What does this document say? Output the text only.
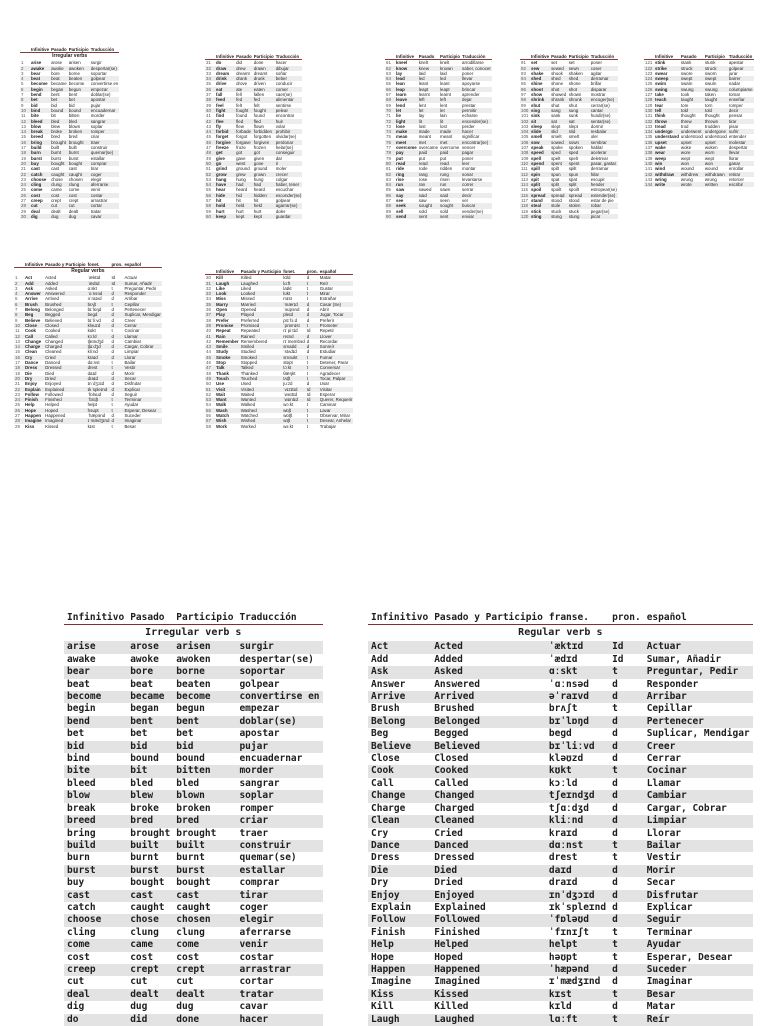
Irregular verbs				
	Infinitive	Pasado	Participio	Traducción
1	arise	arose	arisen	surgir
2	awake	awoke	awoken	despertar(se)
3	bear	bore	borne	soportar
4	beat	beat	beaten	golpear
5	become	became	become	convertirse en
6	begin	began	begun	empezar
7	bend	bent	bent	doblar(se)
8	bet	bet	bet	apostar
9	bid	bid	bid	pujar
10	bind	bound	bound	encuadernar
11	bite	bit	bitten	morder
12	bleed	bled	bled	sangrar
13	blow	blew	blown	soplar
14	break	broke	broken	romper
15	breed	bred	bred	criar
16	bring	brought	brought	traer
17	build	built	built	construir
18	burn	burnt	burnt	quemar(se)
19	burst	burst	burst	estallar
20	buy	bought	bought	comprar
21	cast	cast	cast	tirar
22	catch	caught	caught	coger
23	choose	chose	chosen	elegir
24	cling	clung	clung	aferrarse
25	come	came	come	venir
26	cost	cost	cost	costar
27	creep	crept	crept	arrastrar
28	cut	cut	cut	cortar
29	deal	dealt	dealt	tratar
30	dig	dug	dug	cavar
	Infinitive	Pasado	Participio	Traducción
31	do	did	done	hacer
32	draw	drew	drawn	dibujar
33	dream	dreamt	dreamt	soñar
34	drink	drank	drunk	beber
35	drive	drove	driven	conducir
36	eat	ate	eaten	comer
37	fall	fell	fallen	caer(se)
38	feed	fed	fed	alimentar
39	feel	felt	felt	sentirse
40	fight	fought	fought	pelear
41	find	found	found	encontrar
42	flee	fled	fled	huir
43	fly	flew	flown	volar
44	forbid	forbade	forbidden	prohibir
45	forget	forgot	forgotten	olvidar(se)
46	forgive	forgave	forgiven	perdonar
47	freeze	froze	frozen	helar(se)
48	get	got	got	conseguir
49	give	gave	given	dar
50	go	went	gone	ir
51	grind	ground	ground	moler
52	grow	grew	grown	crecer
53	hang	hung	hung	colgar
54	have	had	had	haber, tener
55	hear	heard	heard	escuchar
56	hide	hid	hidden	esconder(se)
57	hit	hit	hit	golpear
58	hold	held	held	agarrar(se)
59	hurt	hurt	hurt	doler
60	keep	kept	kept	guardar
	Infinitive	Pasado	Participio	Traducción
61	kneel	knelt	knelt	arrodillarse
62	know	knew	known	saber, conocer
63	lay	laid	laid	poner
64	lead	led	led	llevar
65	lean	leant	leant	apoyarse
66	leap	leapt	leapt	brincar
67	learn	learnt	learnt	aprender
68	leave	left	left	dejar
69	lend	lent	lent	prestar
70	let	let	let	permitir
71	lie	lay	lain	echarse
72	light	lit	lit	encender(se)
73	lose	lost	lost	perder
74	make	made	made	hacer
75	mean	meant	meant	significar
76	meet	met	met	encontrar(se)
77	overcome	overcame	overcome	vencer
78	pay	paid	paid	pagar
79	put	put	put	poner
80	read	read	read	leer
81	ride	rode	ridden	montar
82	ring	rang	rung	sonar
83	rise	rose	risen	levantarse
84	run	ran	run	correr
85	saw	sawed	sawn	serrar
86	say	said	said	decir
87	see	saw	seen	ver
88	seek	sought	sought	buscar
89	sell	sold	sold	vender(se)
90	send	sent	sent	enviar
	Infinitive	Pasado	Participio	Traducción
91	set	set	set	poner
92	sew	sewed	sewn	coser
93	shake	shook	shaken	agitar
94	shed	shed	shed	derramar
95	shine	shone	shone	brillar
96	shoot	shot	shot	disparar
97	show	showed	shown	mostrar
98	shrink	shrank	shrunk	encoger(se)
99	shut	shut	shut	cerrar(se)
100	sing	sang	sung	cantar
101	sink	sank	sunk	hundir(se)
102	sit	sat	sat	sentar(se)
103	sleep	slept	slept	dormir
104	slide	slid	slid	resbalar
105	smell	smelt	smelt	oler
106	sow	sowed	sown	sembrar
107	speak	spoke	spoken	hablar
108	speed	sped	sped	acelerar
109	spell	spelt	spelt	deletrear
110	spend	spent	spent	pasar, gastar
111	spill	spilt	spilt	derramar
112	spin	spun	spun	hilar
113	spit	spat	spat	escupir
114	split	split	split	hender
115	spoil	spoilt	spoilt	estropear(se)
116	spread	spread	spread	extender(se)
117	stand	stood	stood	estar de pie
118	steal	stole	stolen	robar
119	stick	stuck	stuck	pegar(se)
120	sting	stung	stung	picar
	Infinitive	Pasado	Participio	Traducción
121	stink	stank	stunk	apestar
122	strike	struck	struck	golpear
123	swear	swore	sworn	jurar
124	sweep	swept	swept	barrer
125	swim	swam	swum	nadar
126	swing	swung	swung	columpiarse
127	take	took	taken	tomar
128	teach	taught	taught	enseñar
129	tear	tore	torn	romper
130	tell	told	told	decir
131	think	thought	thought	pensar
132	throw	threw	thrown	tirar
133	tread	trod	trodden	pisar
134	undergo	underwent	undergone	sufrir
135	understand	understood	understood	entender
136	upset	upset	upset	molestar
137	wake	woke	woken	despertar
138	wear	wore	worn	llevar
139	weep	wept	wept	llorar
140	win	won	won	ganar
141	wind	wound	wound	enrollar
142	withdraw	withdrew	withdrawn	retirar
143	wring	wrung	wrung	retorcer
144	write	wrote	written	escribir
Regular verbs					
	Infinitive	Pasado y Participio	fonet.	pron.	español
1	Act	Acted	ˈæktɪd	Id	Actuar
2	Add	Added	ˈædɪd	Id	Sumar, Añadir
3	Ask	Asked	ɑːskt	t	Preguntar, Pedir
4	Answer	Answered	ˈɑːnsəd	d	Responder
5	Arrive	Arrived	əˈraɪvd	d	Arribar
6	Brush	Brushed	brʌʃt	t	Cepillar
7	Belong	Belonged	bɪˈlɒŋd	d	Pertenecer
8	Beg	Begged	begd	d	Suplicar, Mendigar
9	Believe	Believed	bɪˈliːvd	d	Creer
10	Close	Closed	kləʊzd	d	Cerrar
11	Cook	Cooked	kʊkt	t	Cocinar
12	Call	Called	kɔːld	d	Llamar
13	Change	Changed	tʃeɪndʒd	d	Cambiar
14	Charge	Charged	tʃɑːdʒd	d	Cargar, Cobrar
15	Clean	Cleaned	kliːnd	d	Limpiar
16	Cry	Cried	kraɪd	d	Llorar
17	Dance	Danced	dɑːnst	t	Bailar
18	Dress	Dressed	drest	t	Vestir
19	Die	Died	daɪd	d	Morir
20	Dry	Dried	draɪd	d	Secar
21	Enjoy	Enjoyed	ɪnˈdʒɔɪd	d	Disfrutar
22	Explain	Explained	ɪkˈspleɪnd	d	Explicar
23	Follow	Followed	ˈfɒləʊd	d	Seguir
24	Finish	Finished	ˈfɪnɪʃt	t	Terminar
25	Help	Helped	helpt	t	Ayudar
26	Hope	Hoped	həʊpt	t	Esperar, Desear
27	Happen	Happened	ˈhæpənd	d	Suceder
28	Imagine	Imagined	ɪˈmædʒɪnd	d	Imaginar
29	Kiss	Kissed	kɪst	t	Besar
	Infinitive	Pasado y Participio	fonet.	pron.	español
30	Kill	Killed	kɪld	d	Matar
31	Laugh	Laughed	lɑːft	t	Reír
32	Like	Liked	laɪkt	t	Gustar
33	Look	Looked	lʊkt	t	Mirar
34	Miss	Missed	mɪst	t	Extrañar
35	Marry	Married	ˈmærɪd	d	Casar (Se)
36	Open	Opened	ˈəʊpənd	d	Abrir
37	Play	Played	pleɪd	d	Jugar, Tocar
38	Prefer	Preferred	prɪˈfɜːd	d	Preferir
39	Promise	Promised	ˈprɒmɪst	t	Prometer
40	Repeat	Repeated	rɪˈpiːtɪd	Id	Repetir
41	Rain	Rained	reɪnd	d	Llover
42	Remember	Remembered	rɪˈmembəd	d	Recordar
43	Smile	Smiled	smaɪld	d	Sonreír
44	Study	Studied	ˈstʌdɪd	d	Estudiar
45	Smoke	Smoked	sməʊkt	t	Fumar
46	Stop	Stopped	stɒpt	t	Detener, Parar
47	Talk	Talked	tɔːkt	t	Conversar
48	Thank	Thanked	θæŋkt	t	Agradecer
49	Touch	Touched	tʌtʃt	t	Tocar, Palpar
50	Use	Used	juːzd	d	Usar
51	Visit	Visited	ˈvɪzɪtɪd	Id	Visitar
52	Wait	Waited	ˈweɪtɪd	Id	Esperar
53	Want	Wanted	ˈwɒntɪd	Id	Querer, Requerir
54	Walk	Walked	wɔːkt	t	Caminar
55	Wash	Washed	wɒʃt	t	Lavar
56	Watch	Watched	wɒtʃt	t	Observar, Mirar
57	Wish	Wished	wɪʃt	t	Desear, Anhelar
58	Work	Worked	wɜːkt	t	Trabajar
Irregular verb s			
Infinitivo	Pasado	Participio	Traducción
arise	arose	arisen	surgir
awake	awoke	awoken	despertar(se)
bear	bore	borne	soportar
beat	beat	beaten	golpear
become	became	become	convertirse en
begin	began	begun	empezar
bend	bent	bent	doblar(se)
bet	bet	bet	apostar
bid	bid	bid	pujar
bind	bound	bound	encuadernar
bite	bit	bitten	morder
bleed	bled	bled	sangrar
blow	blew	blown	soplar
break	broke	broken	romper
breed	bred	bred	criar
bring	brought	brought	traer
build	built	built	construir
burn	burnt	burnt	quemar(se)
burst	burst	burst	estallar
buy	bought	bought	comprar
cast	cast	cast	tirar
catch	caught	caught	coger
choose	chose	chosen	elegir
cling	clung	clung	aferrarse
come	came	come	venir
cost	cost	cost	costar
creep	crept	crept	arrastrar
cut	cut	cut	cortar
deal	dealt	dealt	tratar
dig	dug	dug	cavar
do	did	done	hacer
Regular verb s				
Infinitivo	Pasado y Participio	franse.	pron.	español
Act	Acted	ˈæktɪd	Id	Actuar
Add	Added	ˈædɪd	Id	Sumar, Añadir
Ask	Asked	ɑːskt	t	Preguntar, Pedir
Answer	Answered	ˈɑːnsəd	d	Responder
Arrive	Arrived	əˈraɪvd	d	Arribar
Brush	Brushed	brʌʃt	t	Cepillar
Belong	Belonged	bɪˈlɒŋd	d	Pertenecer
Beg	Begged	begd	d	Suplicar, Mendigar
Believe	Believed	bɪˈliːvd	d	Creer
Close	Closed	kləʊzd	d	Cerrar
Cook	Cooked	kʊkt	t	Cocinar
Call	Called	kɔːld	d	Llamar
Change	Changed	tʃeɪndʒd	d	Cambiar
Charge	Charged	tʃɑːdʒd	d	Cargar, Cobrar
Clean	Cleaned	kliːnd	d	Limpiar
Cry	Cried	kraɪd	d	Llorar
Dance	Danced	dɑːnst	t	Bailar
Dress	Dressed	drest	t	Vestir
Die	Died	daɪd	d	Morir
Dry	Dried	draɪd	d	Secar
Enjoy	Enjoyed	ɪnˈdʒɔɪd	d	Disfrutar
Explain	Explained	ɪkˈspleɪnd	d	Explicar
Follow	Followed	ˈfɒləʊd	d	Seguir
Finish	Finished	ˈfɪnɪʃt	t	Terminar
Help	Helped	helpt	t	Ayudar
Hope	Hoped	həʊpt	t	Esperar, Desear
Happen	Happened	ˈhæpənd	d	Suceder
Imagine	Imagined	ɪˈmædʒɪnd	d	Imaginar
Kiss	Kissed	kɪst	t	Besar
Kill	Killed	kɪld	d	Matar
Laugh	Laughed	lɑːft	t	Reír
